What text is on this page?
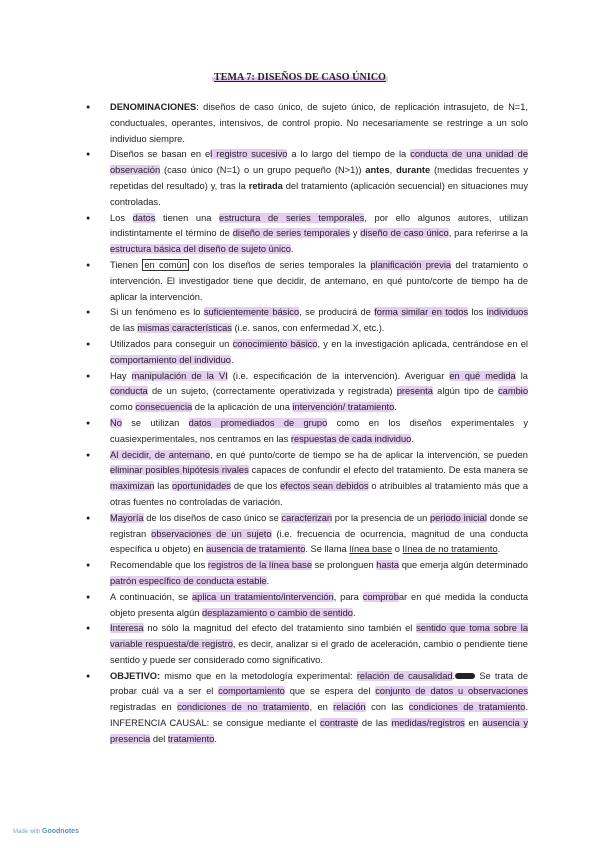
TEMA 7: DISEÑOS DE CASO ÚNICO
● DENOMINACIONES: diseños de caso único, de sujeto único, de replicación intrasujeto, de N=1, conductuales, operantes, intensivos, de control propio. No necesariamente se restringe a un solo individuo siempre.
● Diseños se basan en el registro sucesivo a lo largo del tiempo de la conducta de una unidad de observación (caso único (N=1) o un grupo pequeño (N>1)) antes, durante (medidas frecuentes y repetidas del resultado) y, tras la retirada del tratamiento (aplicación secuencial) en situaciones muy controladas.
● Los datos tienen una estructura de series temporales, por ello algunos autores, utilizan indistintamente el término de diseño de series temporales y diseño de caso único, para referirse a la estructura básica del diseño de sujeto único.
● Tienen en común con los diseños de series temporales la planificación previa del tratamiento o intervención. El investigador tiene que decidir, de antemano, en qué punto/corte de tiempo ha de aplicar la intervención.
● Si un fenómeno es lo suficientemente básico, se producirá de forma similar en todos los individuos de las mismas características (i.e. sanos, con enfermedad X, etc.).
● Utilizados para conseguir un conocimiento básico, y en la investigación aplicada, centrándose en el comportamiento del individuo.
● Hay manipulación de la VI (i.e. especificación de la intervención). Averiguar en qué medida la conducta de un sujeto, (correctamente operativizada y registrada) presenta algún tipo de cambio como consecuencia de la aplicación de una intervención/ tratamiento.
● No se utilizan datos promediados de grupo como en los diseños experimentales y cuasiexperimentales, nos centramos en las respuestas de cada individuo.
● Al decidir, de antemano, en qué punto/corte de tiempo se ha de aplicar la intervención, se pueden eliminar posibles hipótesis rivales capaces de confundir el efecto del tratamiento. De esta manera se maximizan las oportunidades de que los efectos sean debidos o atribuibles al tratamiento más que a otras fuentes no controladas de variación.
● Mayoría de los diseños de caso único se caracterizan por la presencia de un periodo inicial donde se registran observaciones de un sujeto (i.e. frecuencia de ocurrencia, magnitud de una conducta específica u objeto) en ausencia de tratamiento. Se llama línea base o línea de no tratamiento.
● Recomendable que los registros de la línea base se prolonguen hasta que emerja algún determinado patrón específico de conducta estable.
● A continuación, se aplica un tratamiento/intervención, para comprobar en qué medida la conducta objeto presenta algún desplazamiento o cambio de sentido.
● Interesa no sólo la magnitud del efecto del tratamiento sino también el sentido que toma sobre la variable respuesta/de registro, es decir, analizar si el grado de aceleración, cambio o pendiente tiene sentido y puede ser considerado como significativo.
● OBJETIVO: mismo que en la metodología experimental: relación de causalidad. Se trata de probar cuál va a ser el comportamiento que se espera del conjunto de datos u observaciones registradas en condiciones de no tratamiento, en relación con las condiciones de tratamiento. INFERENCIA CAUSAL: se consigue mediante el contraste de las medidas/registros en ausencia y presencia del tratamiento.
Made with Goodnotes
